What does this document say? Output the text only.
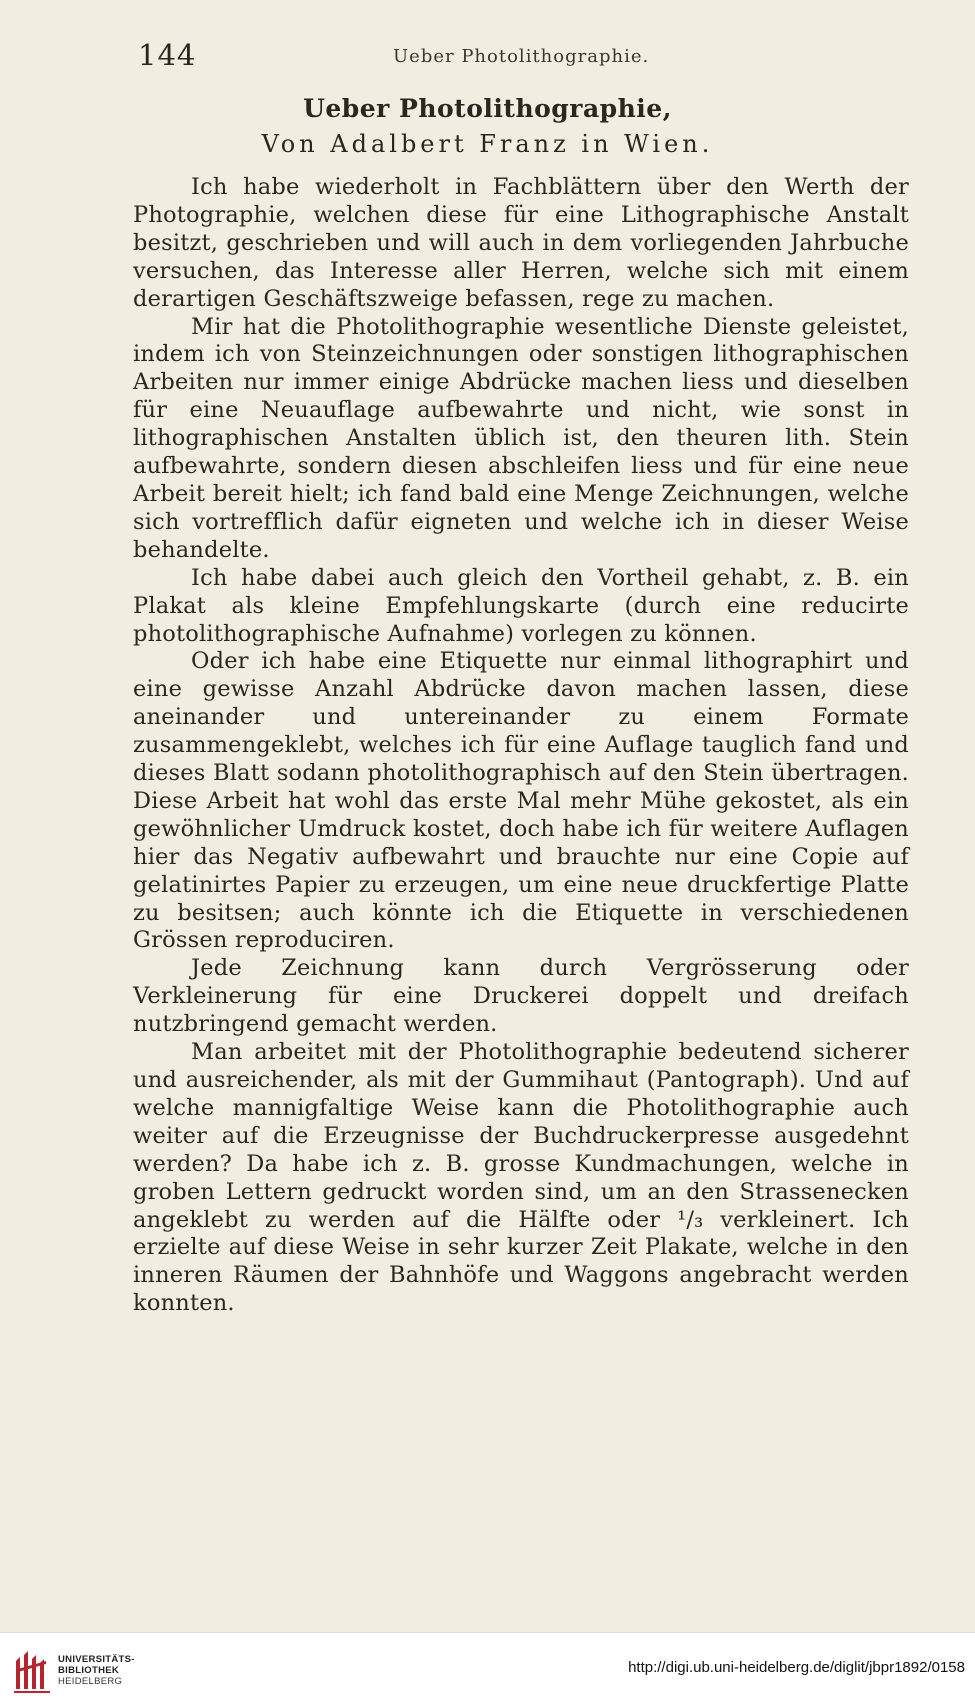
144	Ueber Photolithographie.
Ueber Photolithographie,
Von Adalbert Franz in Wien.

Ich habe wiederholt in Fachblättern über den Werth der Photographie, welchen diese für eine Lithographische Anstalt besitzt, geschrieben und will auch in dem vorliegenden Jahrbuche versuchen, das Interesse aller Herren, welche sich mit einem derartigen Geschäftszweige befassen, rege zu machen.

Mir hat die Photolithographie wesentliche Dienste geleistet, indem ich von Steinzeichnungen oder sonstigen lithographischen Arbeiten nur immer einige Abdrücke machen liess und dieselben für eine Neuauflage aufbewahrte und nicht, wie sonst in lithographischen Anstalten üblich ist, den theuren lith. Stein aufbewahrte, sondern diesen abschleifen liess und für eine neue Arbeit bereit hielt; ich fand bald eine Menge Zeichnungen, welche sich vortrefflich dafür eigneten und welche ich in dieser Weise behandelte.

Ich habe dabei auch gleich den Vortheil gehabt, z. B. ein Plakat als kleine Empfehlungskarte (durch eine reducirte photolithographische Aufnahme) vorlegen zu können.

Oder ich habe eine Etiquette nur einmal lithographirt und eine gewisse Anzahl Abdrücke davon machen lassen, diese aneinander und untereinander zu einem Formate zusammengeklebt, welches ich für eine Auflage tauglich fand und dieses Blatt sodann photolithographisch auf den Stein übertragen. Diese Arbeit hat wohl das erste Mal mehr Mühe gekostet, als ein gewöhnlicher Umdruck kostet, doch habe ich für weitere Auflagen hier das Negativ aufbewahrt und brauchte nur eine Copie auf gelatinirtes Papier zu erzeugen, um eine neue druckfertige Platte zu besitsen; auch könnte ich die Etiquette in verschiedenen Grössen reproduciren.

Jede Zeichnung kann durch Vergrösserung oder Verkleinerung für eine Druckerei doppelt und dreifach nutzbringend gemacht werden.

Man arbeitet mit der Photolithographie bedeutend sicherer und ausreichender, als mit der Gummihaut (Pantograph). Und auf welche mannigfaltige Weise kann die Photolithographie auch weiter auf die Erzeugnisse der Buchdruckerpresse ausgedehnt werden? Da habe ich z. B. grosse Kundmachungen, welche in groben Lettern gedruckt worden sind, um an den Strassenecken angeklebt zu werden auf die Hälfte oder ¹/₃ verkleinert. Ich erzielte auf diese Weise in sehr kurzer Zeit Plakate, welche in den inneren Räumen der Bahnhöfe und Waggons angebracht werden konnten.

UNIVERSITÄTS-
BIBLIOTHEK
HEIDELBERG
http://digi.ub.uni-heidelberg.de/diglit/jbpr1892/0158
